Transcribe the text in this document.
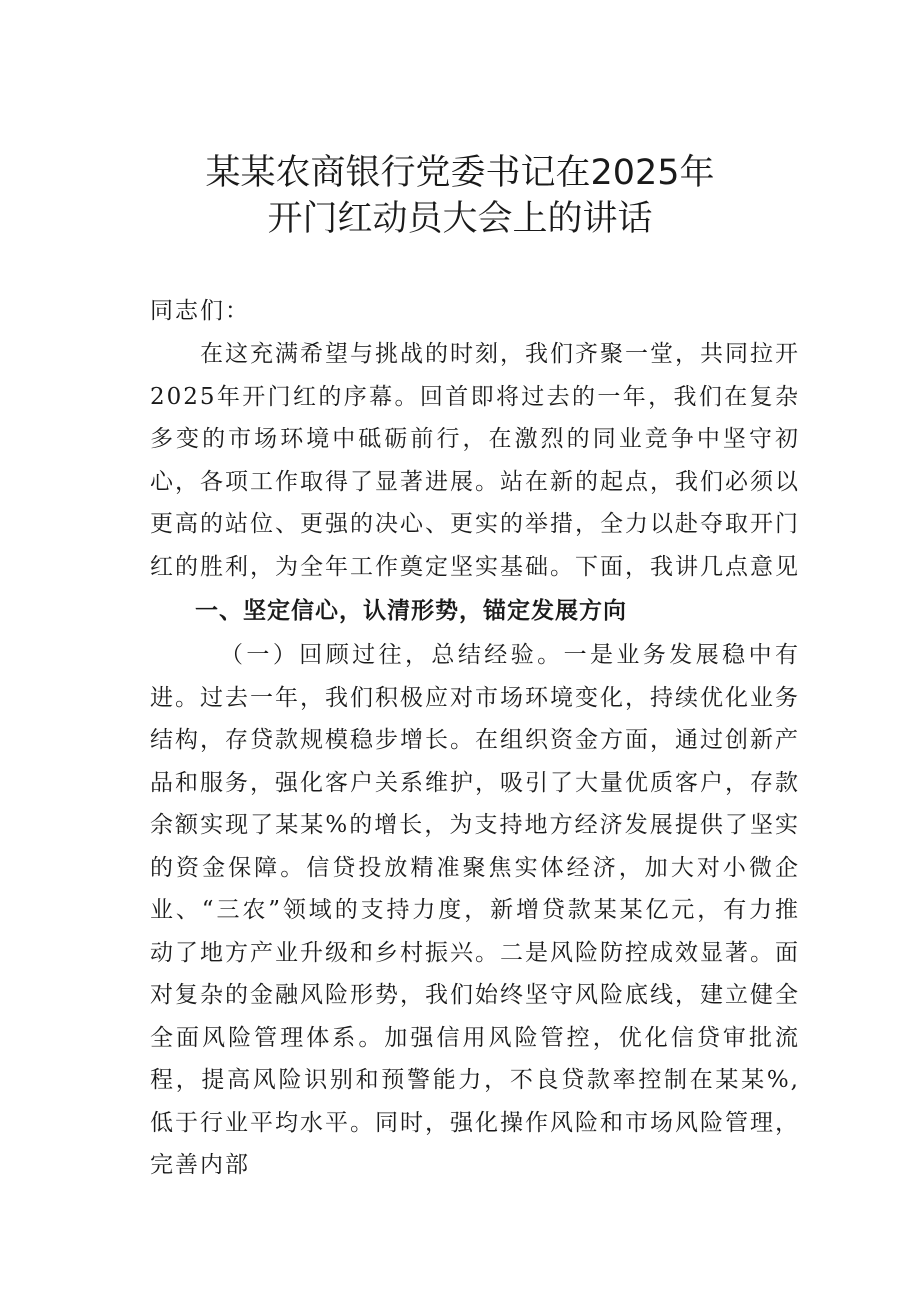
某某农商银行党委书记在2025年
开门红动员大会上的讲话

同志们：

在这充满希望与挑战的时刻，我们齐聚一堂，共同拉开2025年开门红的序幕。回首即将过去的一年，我们在复杂多变的市场环境中砥砺前行，在激烈的同业竞争中坚守初心，各项工作取得了显著进展。站在新的起点，我们必须以更高的站位、更强的决心、更实的举措，全力以赴夺取开门红的胜利，为全年工作奠定坚实基础。下面，我讲几点意见

一、坚定信心，认清形势，锚定发展方向

（一）回顾过往，总结经验。一是业务发展稳中有进。过去一年，我们积极应对市场环境变化，持续优化业务结构，存贷款规模稳步增长。在组织资金方面，通过创新产品和服务，强化客户关系维护，吸引了大量优质客户，存款余额实现了某某%的增长，为支持地方经济发展提供了坚实的资金保障。信贷投放精准聚焦实体经济，加大对小微企业、“三农”领域的支持力度，新增贷款某某亿元，有力推动了地方产业升级和乡村振兴。二是风险防控成效显著。面对复杂的金融风险形势，我们始终坚守风险底线，建立健全全面风险管理体系。加强信用风险管控，优化信贷审批流程，提高风险识别和预警能力，不良贷款率控制在某某%,低于行业平均水平。同时，强化操作风险和市场风险管理，完善内部
